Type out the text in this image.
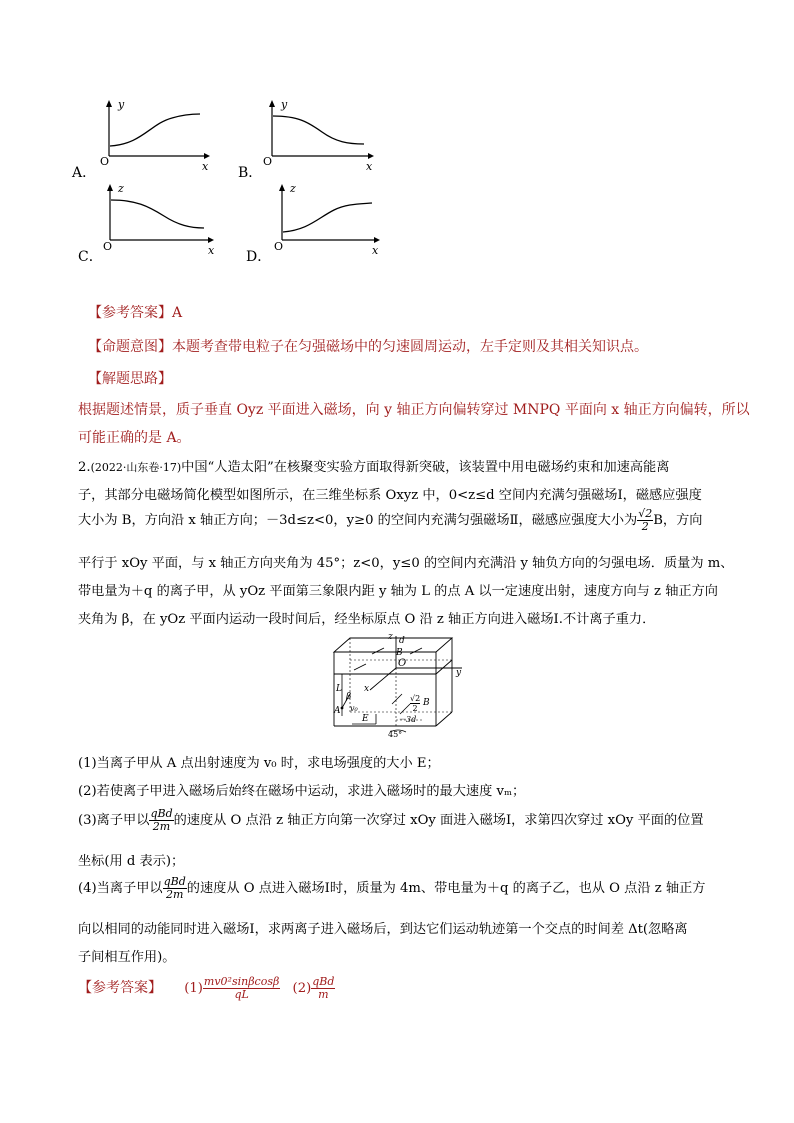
A．
y
x
O
B．
y
x
O
C．
z
x
O
D．
z
x
O
【参考答案】A
【命题意图】本题考查带电粒子在匀强磁场中的匀速圆周运动，左手定则及其相关知识点。
【解题思路】
根据题述情景，质子垂直 Oyz 平面进入磁场，向 y 轴正方向偏转穿过 MNPQ 平面向 x 轴正方向偏转，所以
可能正确的是 A。
2.(2022·山东卷·17)中国“人造太阳”在核聚变实验方面取得新突破，该装置中用电磁场约束和加速高能离
子，其部分电磁场简化模型如图所示，在三维坐标系 Oxyz 中，0<z≤d 空间内充满匀强磁场Ⅰ，磁感应强度
大小为 B，方向沿 x 轴正方向；－3d≤z<0，y≥0 的空间内充满匀强磁场Ⅱ，磁感应强度大小为 $\frac{√2}{2}$ B，方向
平行于 xOy 平面，与 x 轴正方向夹角为 45°；z<0，y≤0 的空间内充满沿 y 轴负方向的匀强电场．质量为 m、
带电量为＋q 的离子甲，从 yOz 平面第三象限内距 y 轴为 L 的点 A 以一定速度出射，速度方向与 z 轴正方向
夹角为 β，在 yOz 平面内运动一段时间后，经坐标原点 O 沿 z 轴正方向进入磁场Ⅰ.不计离子重力．
z d
B
O
y
x
L
β
A v₀
E
$\frac{√2}{2}$ B
－3d
45°
(1)当离子甲从 A 点出射速度为 v₀ 时，求电场强度的大小 E；
(2)若使离子甲进入磁场后始终在磁场中运动，求进入磁场时的最大速度 vₘ；
(3)离子甲以 $\frac{\text{qBd}}{2m}$ 的速度从 O 点沿 z 轴正方向第一次穿过 xOy 面进入磁场Ⅰ，求第四次穿过 xOy 平面的位置
坐标(用 d 表示)；
(4)当离子甲以 $\frac{\text{qBd}}{2m}$ 的速度从 O 点进入磁场Ⅰ时，质量为 4m、带电量为＋q 的离子乙，也从 O 点沿 z 轴正方
向以相同的动能同时进入磁场Ⅰ，求两离子进入磁场后，到达它们运动轨迹第一个交点的时间差 Δt(忽略离
子间相互作用)。
【参考答案】 $(1) \frac{\text{mv0²sinβcosβ}}{qL} (2) \frac{\text{qBd}}{m}$
